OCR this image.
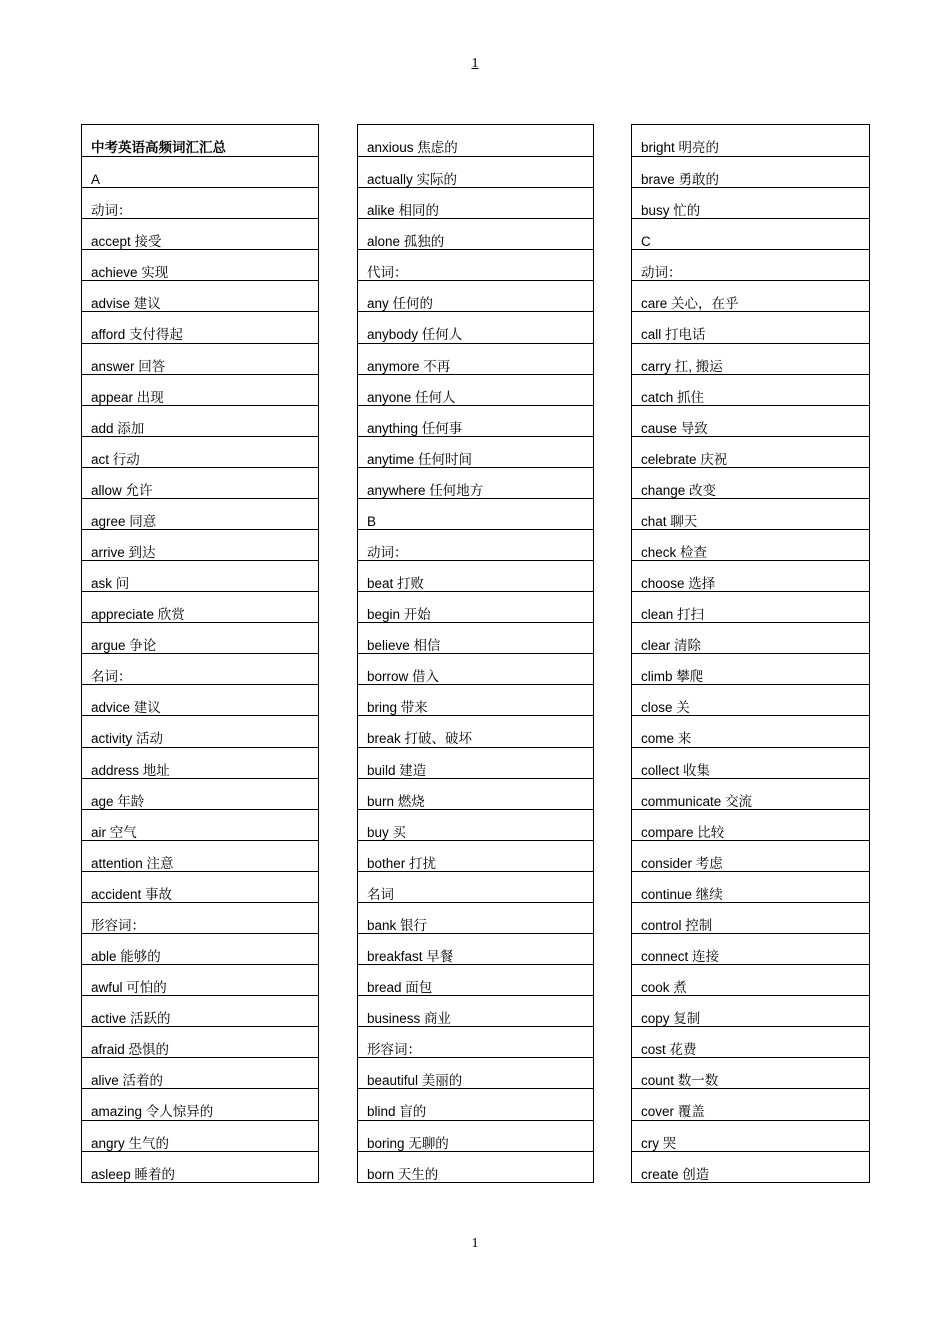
1
中考英语高频词汇汇总
A
动词：
accept 接受
achieve 实现
advise 建议
afford 支付得起
answer 回答
appear 出现
add 添加
act 行动
allow 允许
agree 同意
arrive 到达
ask 问
appreciate 欣赏
argue 争论
名词：
advice 建议
activity 活动
address 地址
age 年龄
air 空气
attention 注意
accident 事故
形容词：
able 能够的
awful 可怕的
active 活跃的
afraid 恐惧的
alive 活着的
amazing 令人惊异的
angry 生气的
asleep 睡着的
anxious 焦虑的
actually 实际的
alike 相同的
alone 孤独的
代词：
any 任何的
anybody 任何人
anymore 不再
anyone 任何人
anything 任何事
anytime 任何时间
anywhere 任何地方
B
动词：
beat 打败
begin 开始
believe 相信
borrow 借入
bring 带来
break 打破、破坏
build 建造
burn 燃烧
buy 买
bother 打扰
名词
bank 银行
breakfast 早餐
bread 面包
business 商业
形容词：
beautiful 美丽的
blind 盲的
boring 无聊的
born 天生的
bright 明亮的
brave 勇敢的
busy 忙的
C
动词：
care 关心，在乎
call 打电话
carry 扛, 搬运
catch 抓住
cause 导致
celebrate 庆祝
change 改变
chat 聊天
check 检查
choose 选择
clean 打扫
clear 清除
climb 攀爬
close 关
come 来
collect 收集
communicate 交流
compare 比较
consider 考虑
continue 继续
control 控制
connect 连接
cook 煮
copy 复制
cost 花费
count 数一数
cover 覆盖
cry 哭
create 创造
1
